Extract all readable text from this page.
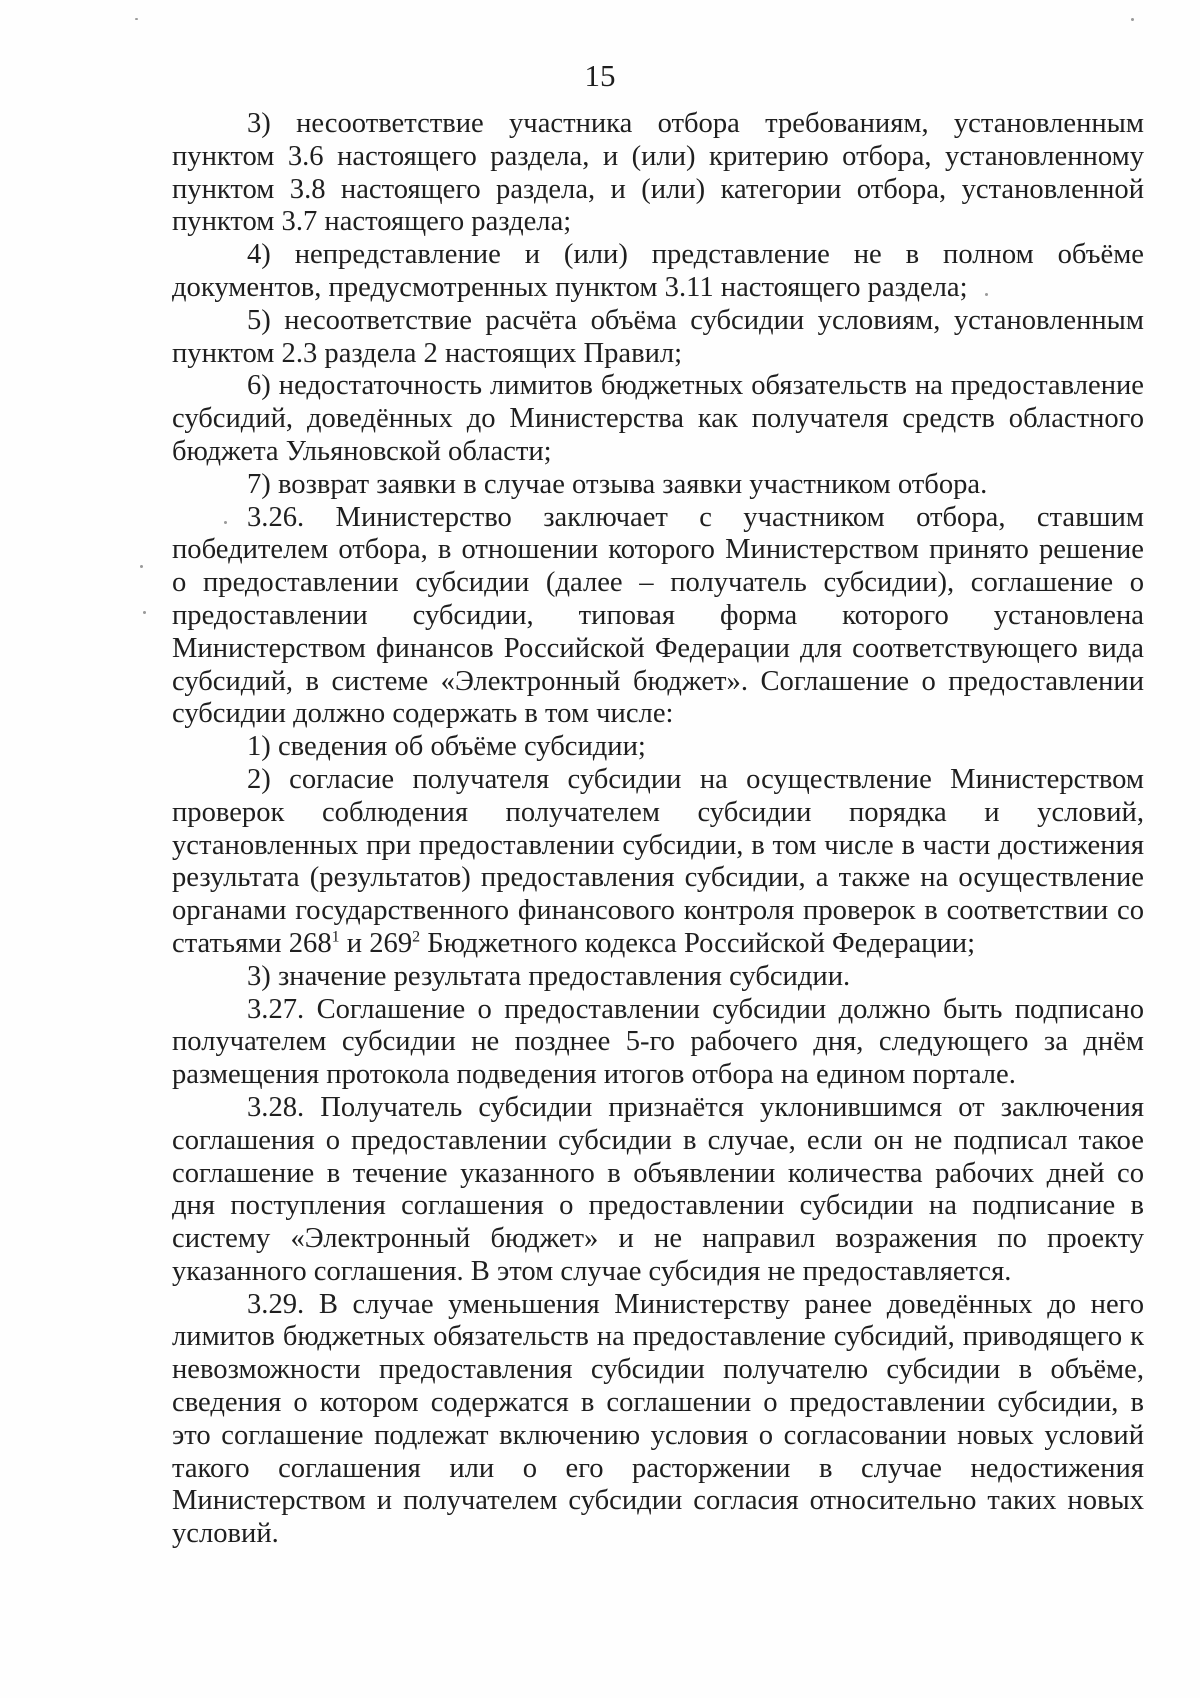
15

3) несоответствие участника отбора требованиям, установленным пунктом 3.6 настоящего раздела, и (или) критерию отбора, установленному пунктом 3.8 настоящего раздела, и (или) категории отбора, установленной пунктом 3.7 настоящего раздела;

4) непредставление и (или) представление не в полном объёме документов, предусмотренных пунктом 3.11 настоящего раздела;

5) несоответствие расчёта объёма субсидии условиям, установленным пунктом 2.3 раздела 2 настоящих Правил;

6) недостаточность лимитов бюджетных обязательств на предоставление субсидий, доведённых до Министерства как получателя средств областного бюджета Ульяновской области;

7) возврат заявки в случае отзыва заявки участником отбора.

3.26. Министерство заключает с участником отбора, ставшим победителем отбора, в отношении которого Министерством принято решение о предоставлении субсидии (далее – получатель субсидии), соглашение о предоставлении субсидии, типовая форма которого установлена Министерством финансов Российской Федерации для соответствующего вида субсидий, в системе «Электронный бюджет». Соглашение о предоставлении субсидии должно содержать в том числе:

1) сведения об объёме субсидии;

2) согласие получателя субсидии на осуществление Министерством проверок соблюдения получателем субсидии порядка и условий, установленных при предоставлении субсидии, в том числе в части достижения результата (результатов) предоставления субсидии, а также на осуществление органами государственного финансового контроля проверок в соответствии со статьями $268^1$ и $269^2$ Бюджетного кодекса Российской Федерации;

3) значение результата предоставления субсидии.

3.27. Соглашение о предоставлении субсидии должно быть подписано получателем субсидии не позднее 5-го рабочего дня, следующего за днём размещения протокола подведения итогов отбора на едином портале.

3.28. Получатель субсидии признаётся уклонившимся от заключения соглашения о предоставлении субсидии в случае, если он не подписал такое соглашение в течение указанного в объявлении количества рабочих дней со дня поступления соглашения о предоставлении субсидии на подписание в систему «Электронный бюджет» и не направил возражения по проекту указанного соглашения. В этом случае субсидия не предоставляется.

3.29. В случае уменьшения Министерству ранее доведённых до него лимитов бюджетных обязательств на предоставление субсидий, приводящего к невозможности предоставления субсидии получателю субсидии в объёме, сведения о котором содержатся в соглашении о предоставлении субсидии, в это соглашение подлежат включению условия о согласовании новых условий такого соглашения или о его расторжении в случае недостижения Министерством и получателем субсидии согласия относительно таких новых условий.
